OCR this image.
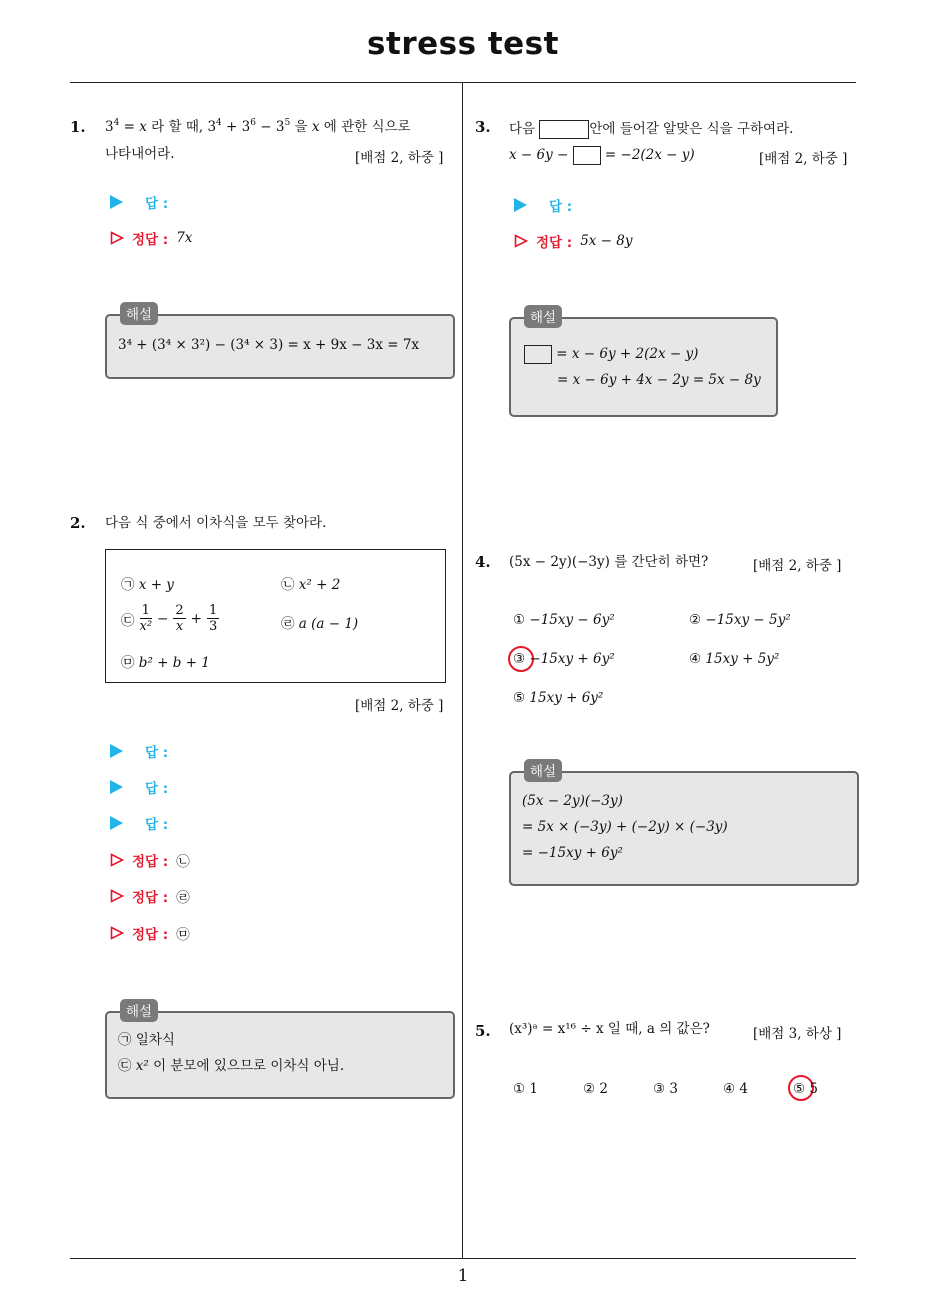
stress test
1
1. $3^4 = x$ 라 할 때, $3^4 + 3^6 - 3^5$ 을 x 에 관한 식으로
나타내어라.	[배점 2, 하중 ]
답 :
정답 : 7x
해설
3⁴ + (3⁴ × 3²) − (3⁴ × 3) = x + 9x − 3x = 7x
2. 다음 식 중에서 이차식을 모두 찾아라.
㉠ x + y	㉡ x² + 2
㉢ $\frac{1}{\text{x²}} - \frac{2}{x} + \frac{1}{3}$	㉣ a (a − 1)
㉤ b² + b + 1
[배점 2, 하중 ]
답 :
답 :
답 :
정답 : ㉡
정답 : ㉣
정답 : ㉤
해설
㉠ 일차식
㉢ x² 이 분모에 있으므로 이차식 아님.
3. 다음	안에 들어갈 알맞은 식을 구하여라.
x − 6y −  = −2(2x − y)	[배점 2, 하중 ]
답 :
정답 : 5x − 8y
해설
= x − 6y + 2(2x − y)
= x − 6y + 4x − 2y = 5x − 8y
4. (5x − 2y)(−3y) 를 간단히 하면?	[배점 2, 하중 ]
① −15xy − 6y²	② −15xy − 5y²
③ −15xy + 6y²	④ 15xy + 5y²
⑤ 15xy + 6y²
해설
(5x − 2y)(−3y)
= 5x × (−3y) + (−2y) × (−3y)
= −15xy + 6y²
5. (x³)ᵃ = x¹⁶ ÷ x 일 때, a 의 값은?	[배점 3, 하상 ]
① 1	② 2	③ 3	④ 4	⑤ 5
